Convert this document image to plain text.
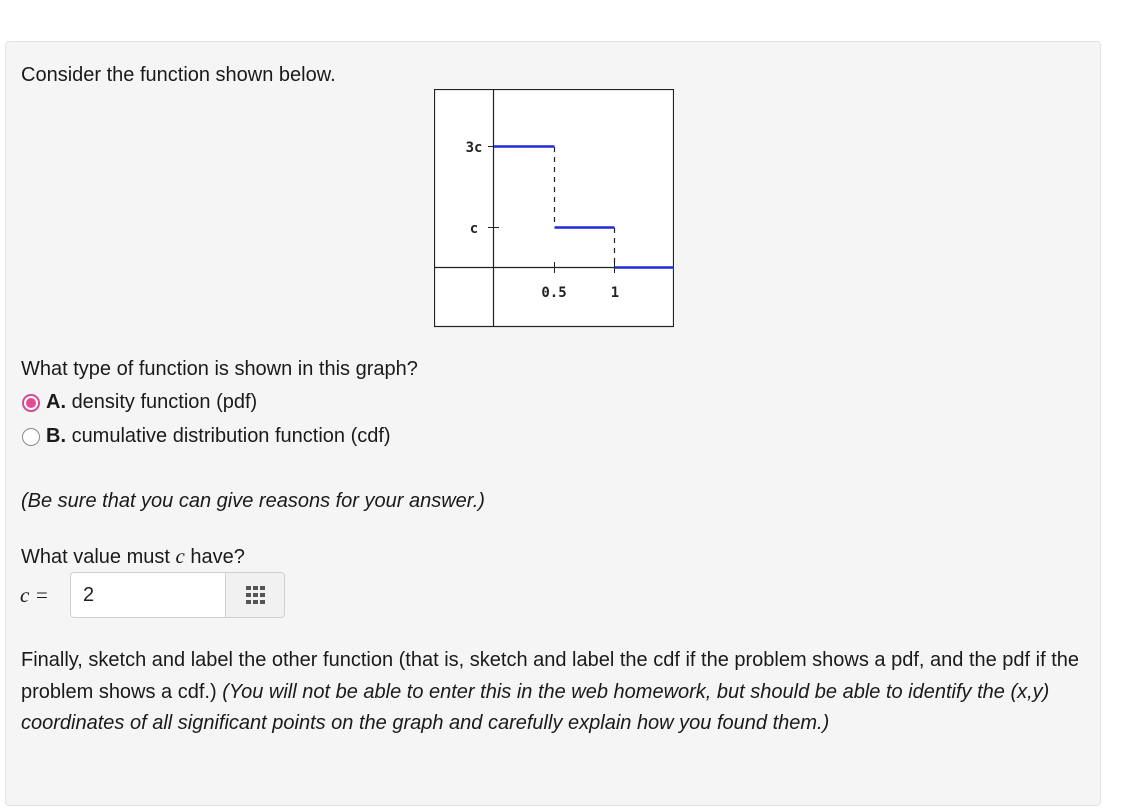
Consider the function shown below.
3c
c
0.5	1
What type of function is shown in this graph?
A. density function (pdf)
B. cumulative distribution function (cdf)
(Be sure that you can give reasons for your answer.)
What value must c have?
c =
2
Finally, sketch and label the other function (that is, sketch and label the cdf if the problem shows a pdf, and the pdf if the problem shows a cdf.) (You will not be able to enter this in the web homework, but should be able to identify the (x,y) coordinates of all significant points on the graph and carefully explain how you found them.)
